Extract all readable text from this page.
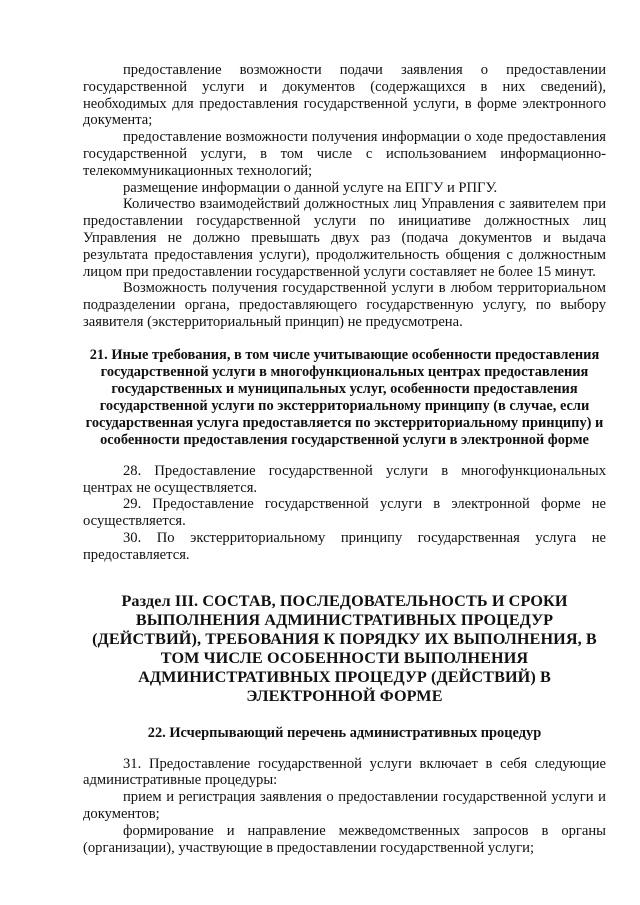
предоставление возможности подачи заявления о предоставлении государственной услуги и документов (содержащихся в них сведений), необходимых для предоставления государственной услуги, в форме электронного документа;

предоставление возможности получения информации о ходе предоставления государственной услуги, в том числе с использованием информационно-телекоммуникационных технологий;

размещение информации о данной услуге на ЕПГУ и РПГУ.

Количество взаимодействий должностных лиц Управления с заявителем при предоставлении государственной услуги по инициативе должностных лиц Управления не должно превышать двух раз (подача документов и выдача результата предоставления услуги), продолжительность общения с должностным лицом при предоставлении государственной услуги составляет не более 15 минут.

Возможность получения государственной услуги в любом территориальном подразделении органа, предоставляющего государственную услугу, по выбору заявителя (экстерриториальный принцип) не предусмотрена.

21. Иные требования, в том числе учитывающие особенности предоставления государственной услуги в многофункциональных центрах предоставления государственных и муниципальных услуг, особенности предоставления государственной услуги по экстерриториальному принципу (в случае, если государственная услуга предоставляется по экстерриториальному принципу) и особенности предоставления государственной услуги в электронной форме

28. Предоставление государственной услуги в многофункциональных центрах не осуществляется.

29. Предоставление государственной услуги в электронной форме не осуществляется.

30. По экстерриториальному принципу государственная услуга не предоставляется.

Раздел III. СОСТАВ, ПОСЛЕДОВАТЕЛЬНОСТЬ И СРОКИ ВЫПОЛНЕНИЯ АДМИНИСТРАТИВНЫХ ПРОЦЕДУР (ДЕЙСТВИЙ), ТРЕБОВАНИЯ К ПОРЯДКУ ИХ ВЫПОЛНЕНИЯ, В ТОМ ЧИСЛЕ ОСОБЕННОСТИ ВЫПОЛНЕНИЯ АДМИНИСТРАТИВНЫХ ПРОЦЕДУР (ДЕЙСТВИЙ) В ЭЛЕКТРОННОЙ ФОРМЕ
22. Исчерпывающий перечень административных процедур

31. Предоставление государственной услуги включает в себя следующие административные процедуры:

прием и регистрация заявления о предоставлении государственной услуги и документов;

формирование и направление межведомственных запросов в органы (организации), участвующие в предоставлении государственной услуги;
